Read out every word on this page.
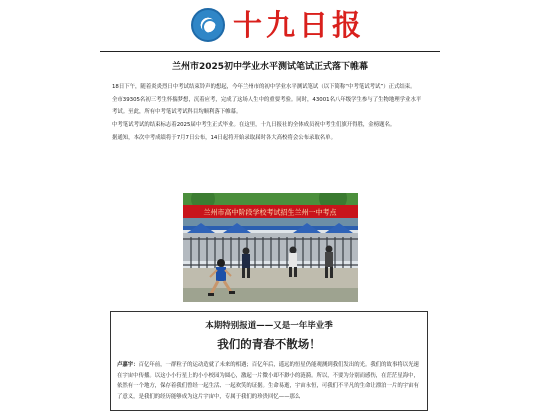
十九日报
兰州市2025初中学业水平测试笔试正式落下帷幕

18日下午，随着炎炎烈日中考试结束铃声的想起，今年兰州市的初中学业水平测试笔试（以下简称“中考笔试考试”）正式结束。

全市39305名初三考生怀揣梦想，沉着应考，完成了这场人生中的重要考验。同时，43001名八年级学生参与了生物地理学业水平考试。至此，所有中考笔试考试科目均顺利落下帷幕。

中考笔试考试的结束标志着2025届中考生正式毕业。在这里，十九日报社的全体成员祝中考生们旗开得胜，金榜题名。

据通知，本次中考成绩将于7月7日公布，14日起将开始录取届时各大高校将会公布录取名单。

兰州市高中阶段学校考试招生兰州一中考点
本期特别报道——又是一年毕业季
我们的青春不散场！
卢嘉宇：百亿年前，一群粒子的运动造就了未来的相遇；百亿年后，遥远的恒星仍能观测到我们发出的光。我们的故事将以光速在宇宙中传播。以这小小行星上的小小校园为圆心，激起一片微小却不渺小的涟漪。所以，不要为分别而感伤，在茫茫星海中，依然有一个地方，保存着我们曾经一起生活、一起欢笑的证据。生命易逝，宇宙永恒，可我们不平凡的生命让漂泊一片的宇宙有了意义，是我们的经历能够成为这片宇宙中，专属于我们的珍贵回忆——那么
